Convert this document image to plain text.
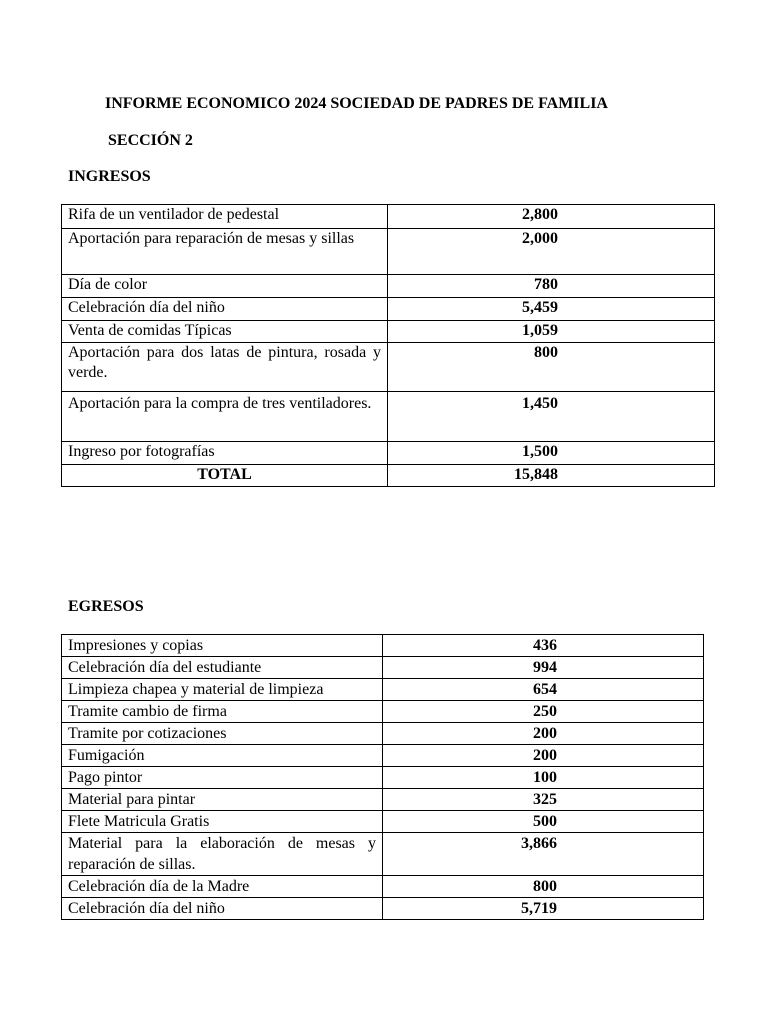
INFORME ECONOMICO 2024 SOCIEDAD DE PADRES DE FAMILIA
SECCIÓN 2
INGRESOS
Rifa de un ventilador de pedestal	2,800
Aportación para reparación de mesas y sillas	2,000
Día de color	780
Celebración día del niño	5,459
Venta de comidas Típicas	1,059
Aportación para dos latas de pintura, rosada y verde.	800
Aportación para la compra de tres ventiladores.	1,450
Ingreso por fotografías	1,500
TOTAL	15,848
EGRESOS
Impresiones y copias	436
Celebración día del estudiante	994
Limpieza chapea y material de limpieza	654
Tramite cambio de firma	250
Tramite por cotizaciones	200
Fumigación	200
Pago pintor	100
Material para pintar	325
Flete Matricula Gratis	500
Material para la elaboración de mesas y reparación de sillas.	3,866
Celebración día de la Madre	800
Celebración día del niño	5,719
